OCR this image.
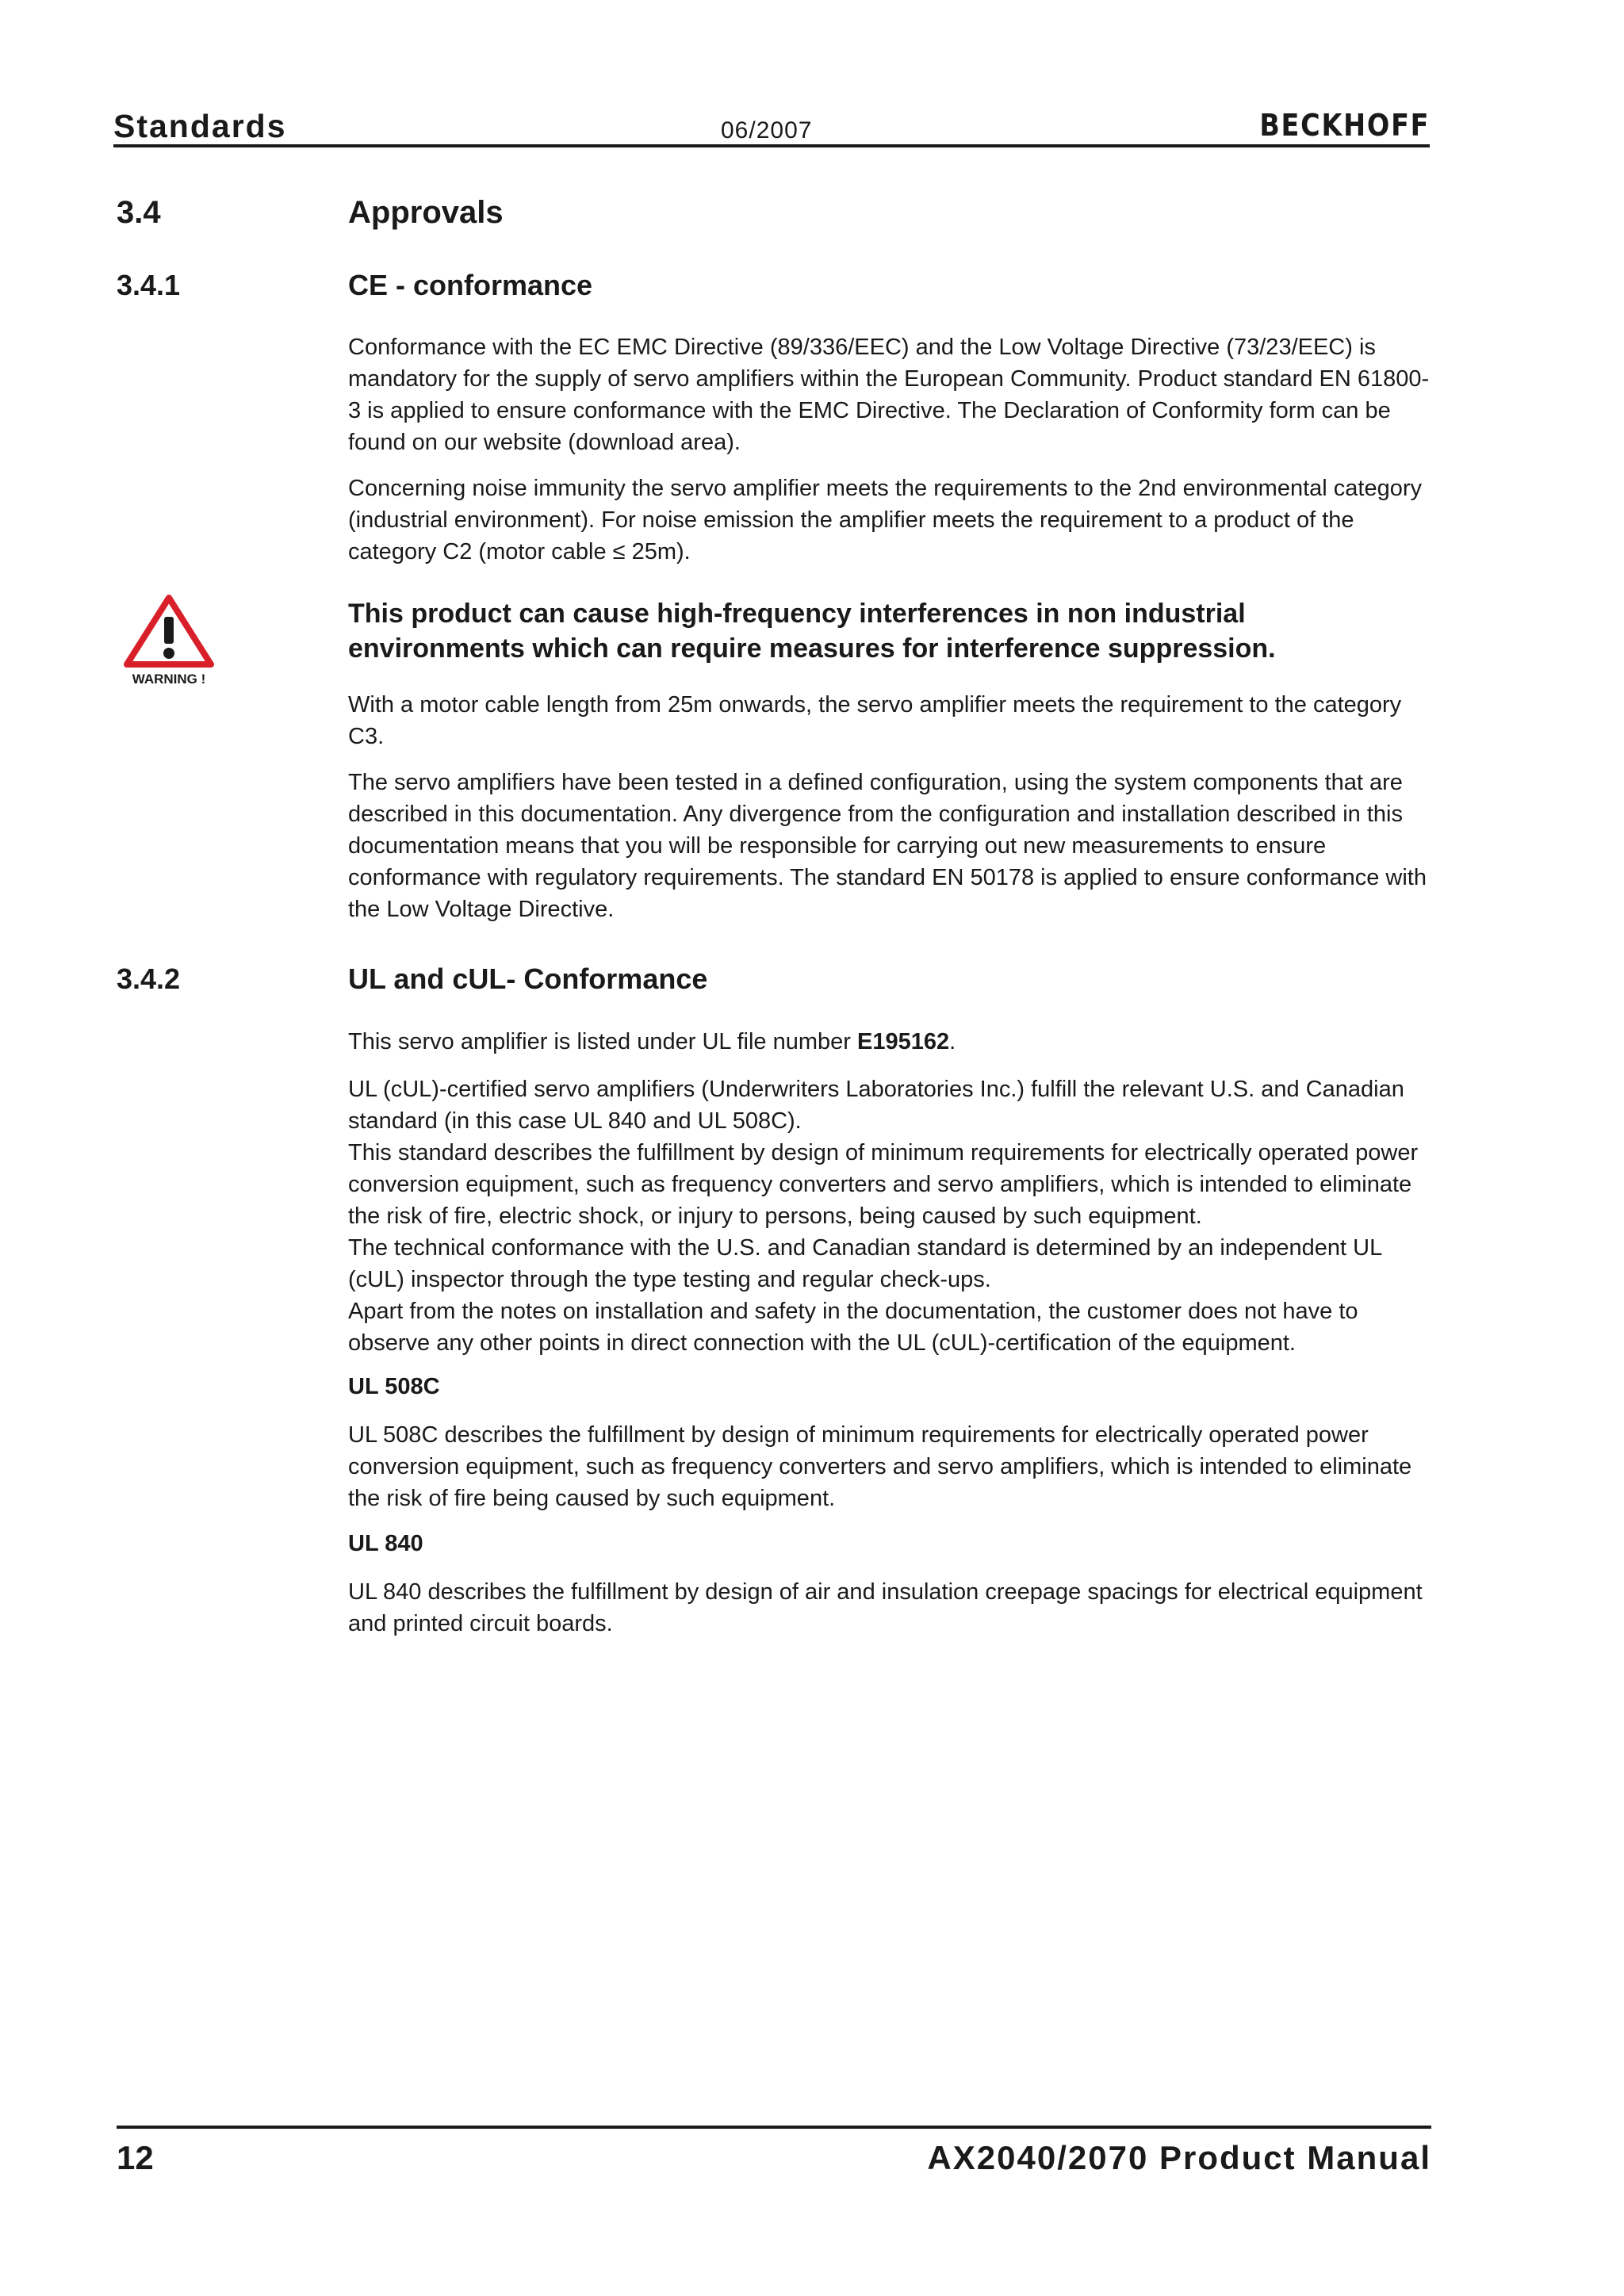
Standards	06/2007	BECKHOFF
3.4	Approvals
3.4.1	CE - conformance

Conformance with the EC EMC Directive (89/336/EEC) and the Low Voltage Directive (73/23/EEC) is mandatory for the supply of servo amplifiers within the European Community. Product standard EN 61800-3 is applied to ensure conformance with the EMC Directive. The Declaration of Conformity form can be found on our website (download area).

Concerning noise immunity the servo amplifier meets the requirements to the 2nd environmental category (industrial environment). For noise emission the amplifier meets the requirement to a product of the category C2 (motor cable ≤ 25m).

WARNING !
This product can cause high-frequency interferences in non industrial environments which can require measures for interference suppression.

With a motor cable length from 25m onwards, the servo amplifier meets the requirement to the category C3.

The servo amplifiers have been tested in a defined configuration, using the system components that are described in this documentation. Any divergence from the configuration and installation described in this documentation means that you will be responsible for carrying out new measurements to ensure conformance with regulatory requirements. The standard EN 50178 is applied to ensure conformance with the Low Voltage Directive.

3.4.2	UL and cUL- Conformance

This servo amplifier is listed under UL file number E195162.

UL (cUL)-certified servo amplifiers (Underwriters Laboratories Inc.) fulfill the relevant U.S. and Canadian standard (in this case UL 840 and UL 508C).

This standard describes the fulfillment by design of minimum requirements for electrically operated power conversion equipment, such as frequency converters and servo amplifiers, which is intended to eliminate the risk of fire, electric shock, or injury to persons, being caused by such equipment.

The technical conformance with the U.S. and Canadian standard is determined by an independent UL (cUL) inspector through the type testing and regular check-ups.

Apart from the notes on installation and safety in the documentation, the customer does not have to observe any other points in direct connection with the UL (cUL)-certification of the equipment.

UL 508C

UL 508C describes the fulfillment by design of minimum requirements for electrically operated power conversion equipment, such as frequency converters and servo amplifiers, which is intended to eliminate the risk of fire being caused by such equipment.

UL 840

UL 840 describes the fulfillment by design of air and insulation creepage spacings for electrical equipment and printed circuit boards.

12	AX2040/2070 Product Manual
